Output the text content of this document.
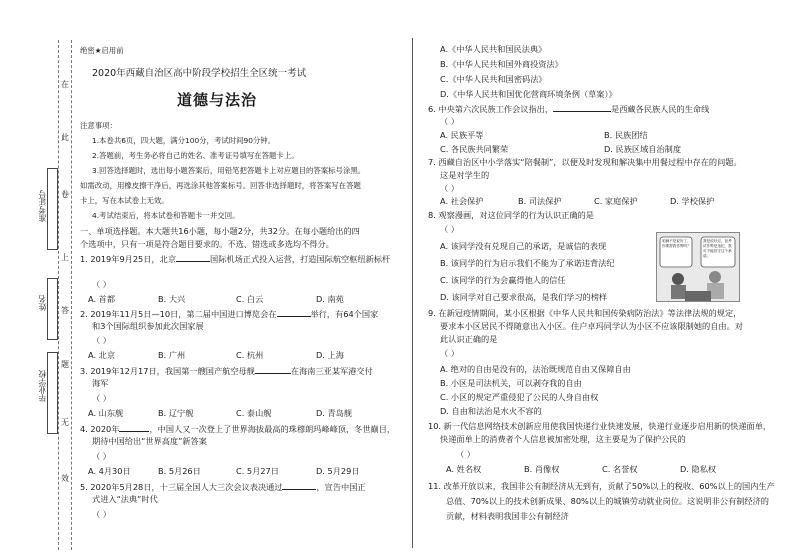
在
此
卷
上
答
题
无
效
准考证号
姓名
毕业学校
绝密★启用前
2020年西藏自治区高中阶段学校招生全区统一考试
道德与法治
注意事项：
1.本卷共6页，四大题，满分100分，考试时间90分钟。
2.答题前，考生务必将自己的姓名、准考证号填写在答题卡上。
3.回答选择题时，选出每小题答案后，用铅笔把答题卡上对应题目的答案标号涂黑。
如需改动，用橡皮擦干净后，再选涂其他答案标号。回答非选择题时，将答案写在答题
卡上，写在本试卷上无效。
4.考试结束后，将本试卷和答题卡一并交回。
一、单项选择题。本大题共16小题，每小题2分，共32分。在每小题给出的四
个选项中，只有一项是符合题目要求的。不选、错选或多选均不得分。
1. 2019年9月25日，北京	国际机场正式投入运营，打造国际航空枢纽新标杆
（ ）
A. 首都	B. 大兴	C. 白云	D. 南苑
2. 2019年11月5日—10日，第二届中国进口博览会在	举行，有64个国家
和3个国际组织参加此次国家展
（ ）
A. 北京	B. 广州	C. 杭州	D. 上海
3. 2019年12月17日，我国第一艘国产航空母舰	在海南三亚某军港交付
海军
（ ）
A. 山东舰	B. 辽宁舰	C. 泰山舰	D. 青岛舰
4. 2020年	，中国人又一次登上了世界海拔最高的珠穆朗玛峰峰顶，冬世巅目，
期待中国给出“世界高度”新答案
（ ）
A. 4月30日	B. 5月26日	C. 5月27日	D. 5月29日
5. 2020年5月28日，十三届全国人大三次会议表决通过	，宣告中国正
式进入“法典”时代
（ ）
A.《中华人民共和国民法典》
B.《中华人民共和国外商投资法》
C.《中华人民共和国密码法》
D.《中华人民共和国优化营商环境条例（草案）》
6. 中央第六次民族工作会议指出，	是西藏各民族人民的生命线
（ ）
A. 民族平等	B. 民族团结
C. 各民族共同繁荣	D. 民族区域自治制度
7. 西藏自治区中小学落实“陪餐制”，以便及时发现和解决集中用餐过程中存在的问题。
这是对学生的
（ ）
A. 社会保护	B. 司法保护	C. 家庭保护	D. 学校保护
8. 观察漫画，对这位同学的行为认识正确的是
（ ）
A. 该同学没有兑现自己的承诺，是诚信的表现
B. 该同学的行为启示我们不能为了承诺违背法纪
C. 该同学的行为会赢得他人的信任
D. 该同学对自己要求很高，是我们学习的榜样
咱俩不是说好了，你要帮我作弊吗？
我是说好过，但考试作弊是违纪，我可不能信守这个承诺。
9. 在新冠疫情期间，某小区根据《中华人民共和国传染病防治法》等法律法规的规定，
要求本小区居民不得随意出入小区。住户卓玛同学认为小区不应该限制她的自由。对
此认识正确的是
（ ）
A. 绝对的自由是没有的，法治既规范自由又保障自由
B. 小区是司法机关，可以剥夺我的自由
C. 小区的规定严重侵犯了公民的人身自由权
D. 自由和法治是水火不容的
10. 新一代信息网络技术创新应用使我国快递行业快速发展，快递行业逐步启用新的快递面单，
快递面单上的消费者个人信息被加密处理，这主要是为了保护公民的
（ ）
A. 姓名权	B. 肖像权	C. 名誉权	D. 隐私权
11. 改革开放以来，我国非公有制经济从无到有，贡献了50%以上的税收、60%以上的国内生产
总值、70%以上的技术创新成果、80%以上的城镇劳动就业岗位。这说明非公有制经济的
贡献，材料表明我国非公有制经济
